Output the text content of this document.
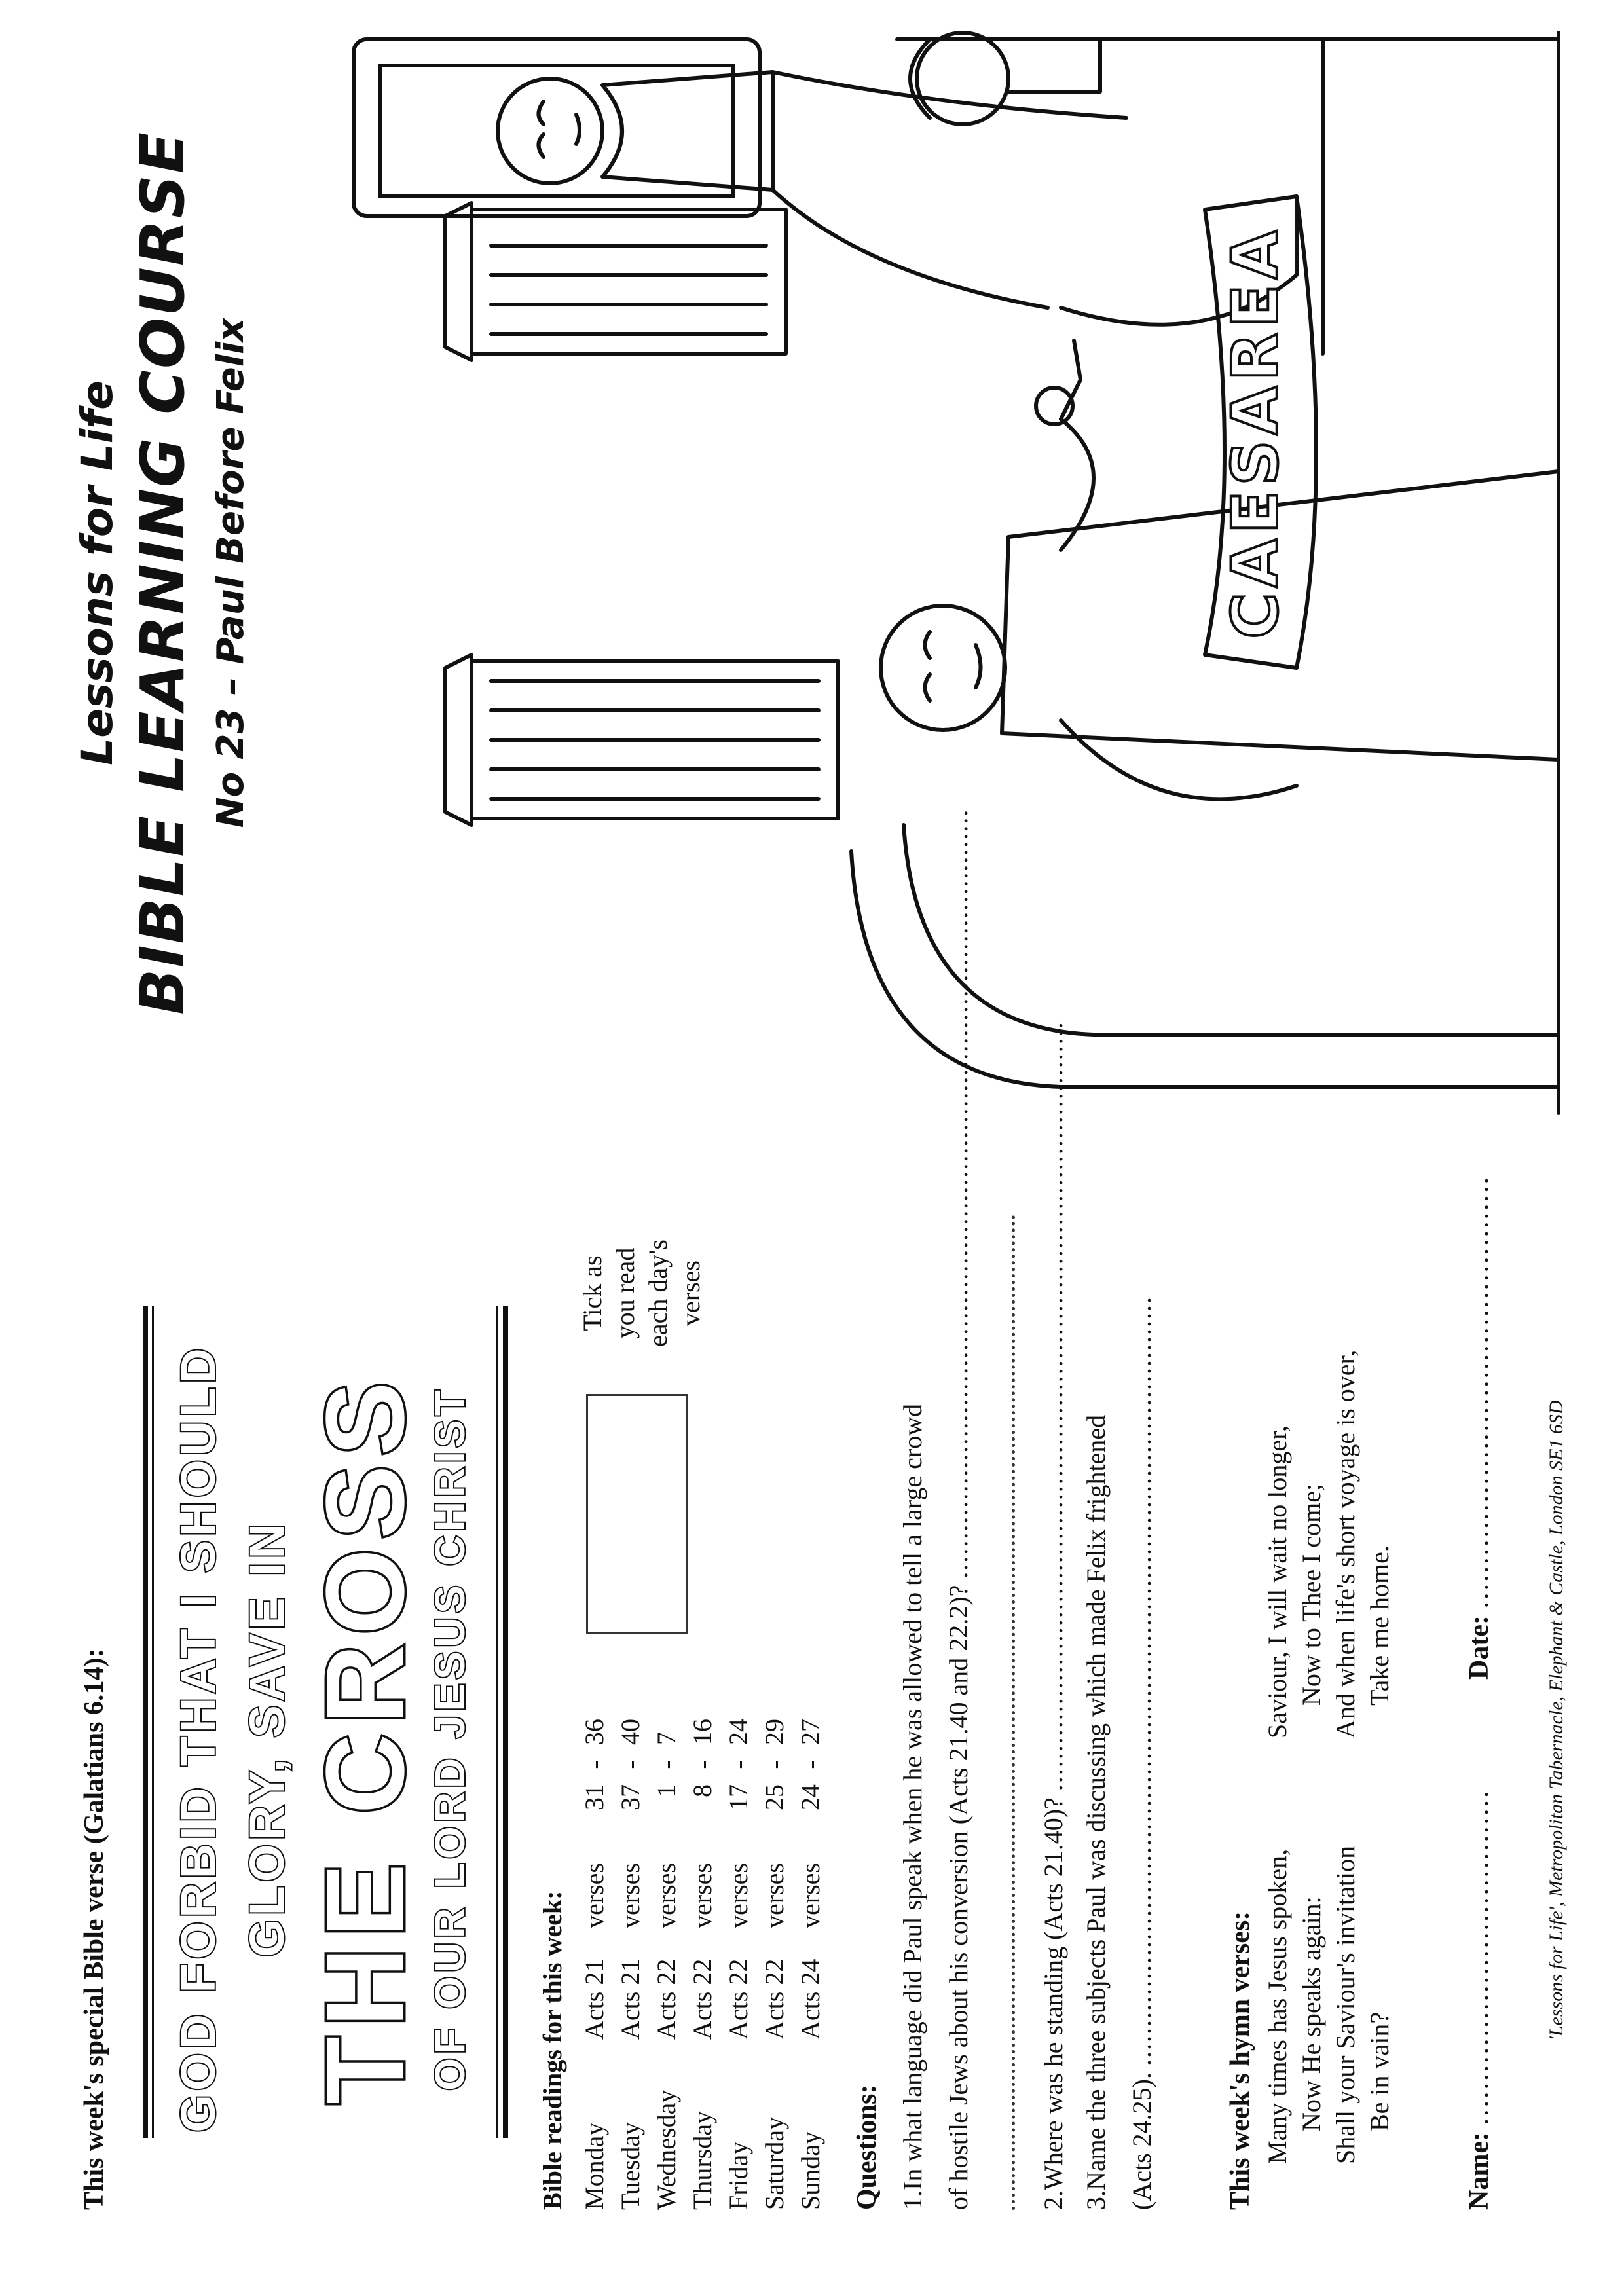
This week's special Bible verse (Galatians 6.14): GOD FORBID THAT I SHOULD GLORY, SAVE IN THE CROSS
OF OUR LORD JESUS CHRIST Bible readings for this week: Monday
Acts 21
verses
31
-
36
Tuesday
Acts 21
verses
37
-
40
Wednesday
Acts 22
verses
1
-
7
Thursday
Acts 22
verses
8
-
16
Friday
Acts 22
verses
17
-
24
Saturday
Acts 22
verses
25
-
29
Sunday
Acts 24
verses
24
-
27
Tick as you read each day's verses
Questions: 1.In what language did Paul speak when he was allowed to tell a large crowd of hostile Jews about his conversion (Acts 21.40 and 22.2)? ..................................................................................................
2.Where was he standing (Acts 21.40)? ..................................................................................................
3.Name the three subjects Paul was discussing which made Felix frightened (Acts 24.25). ..................................................................................................	This week's hymn verses: Many times has Jesus spoken, Now He speaks again: Shall your Saviour's invitation Be in vain?
Saviour, I will wait no longer, Now to Thee I come; And when life's short voyage is over, Take me home.
Name: ......................................
Date: .................................................
'Lessons for Life', Metropolitan Tabernacle, Elephant & Castle, London SE1 6SD
Lessons for Life BIBLE LEARNING COURSE No 23 – Paul Before Felix	CAESAREA
